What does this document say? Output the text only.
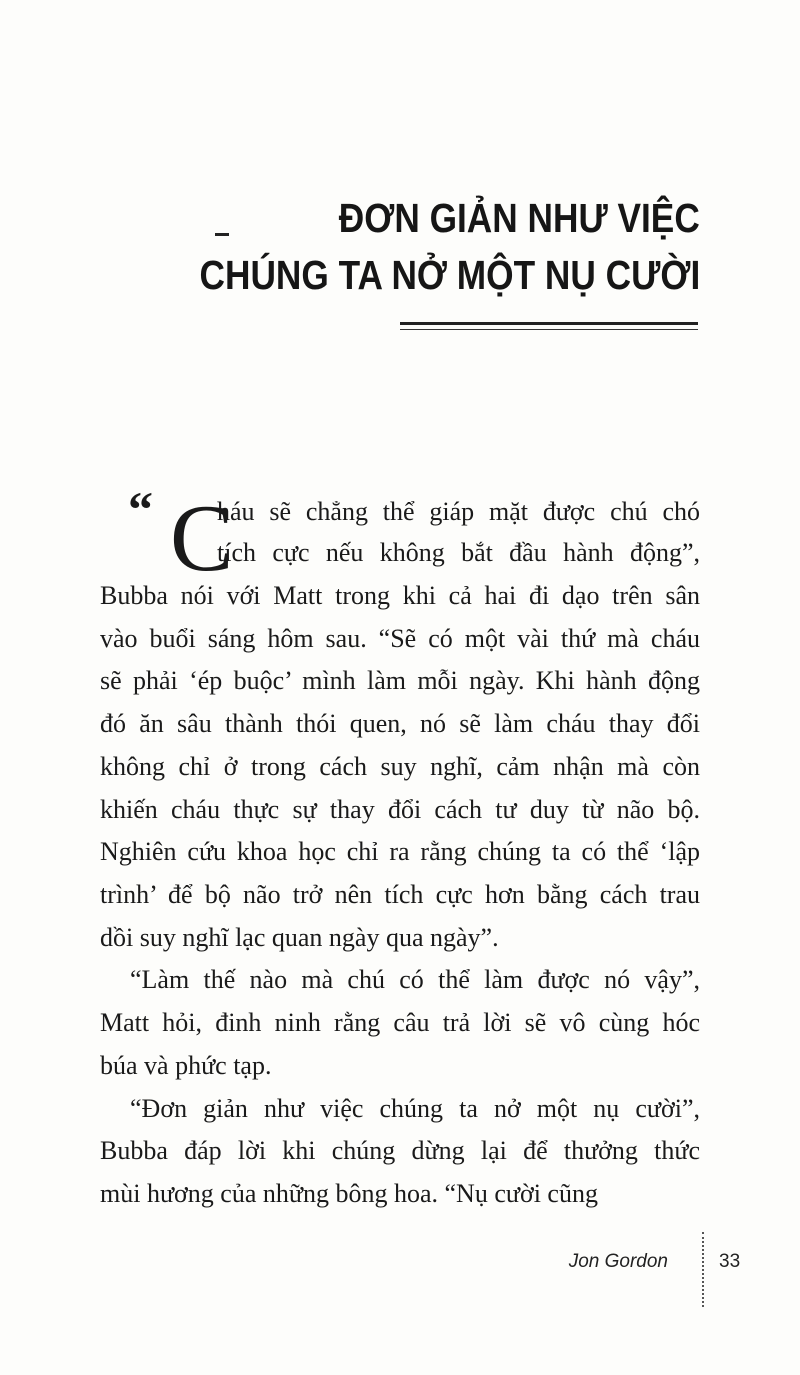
ĐƠN GIẢN NHƯ VIỆC
CHÚNG TA NỞ MỘT NỤ CƯỜI
“ C
háu sẽ chẳng thể giáp mặt được chú chó
tích cực nếu không bắt đầu hành động”,
Bubba nói với Matt trong khi cả hai đi dạo trên sân
vào buổi sáng hôm sau. “Sẽ có một vài thứ mà cháu
sẽ phải ‘ép buộc’ mình làm mỗi ngày. Khi hành động
đó ăn sâu thành thói quen, nó sẽ làm cháu thay đổi
không chỉ ở trong cách suy nghĩ, cảm nhận mà còn
khiến cháu thực sự thay đổi cách tư duy từ não bộ.
Nghiên cứu khoa học chỉ ra rằng chúng ta có thể ‘lập
trình’ để bộ não trở nên tích cực hơn bằng cách trau
dồi suy nghĩ lạc quan ngày qua ngày”.
“Làm thế nào mà chú có thể làm được nó vậy”,
Matt hỏi, đinh ninh rằng câu trả lời sẽ vô cùng hóc
búa và phức tạp.
“Đơn giản như việc chúng ta nở một nụ cười”,
Bubba đáp lời khi chúng dừng lại để thưởng thức
mùi hương của những bông hoa. “Nụ cười cũng
Jon Gordon	33
